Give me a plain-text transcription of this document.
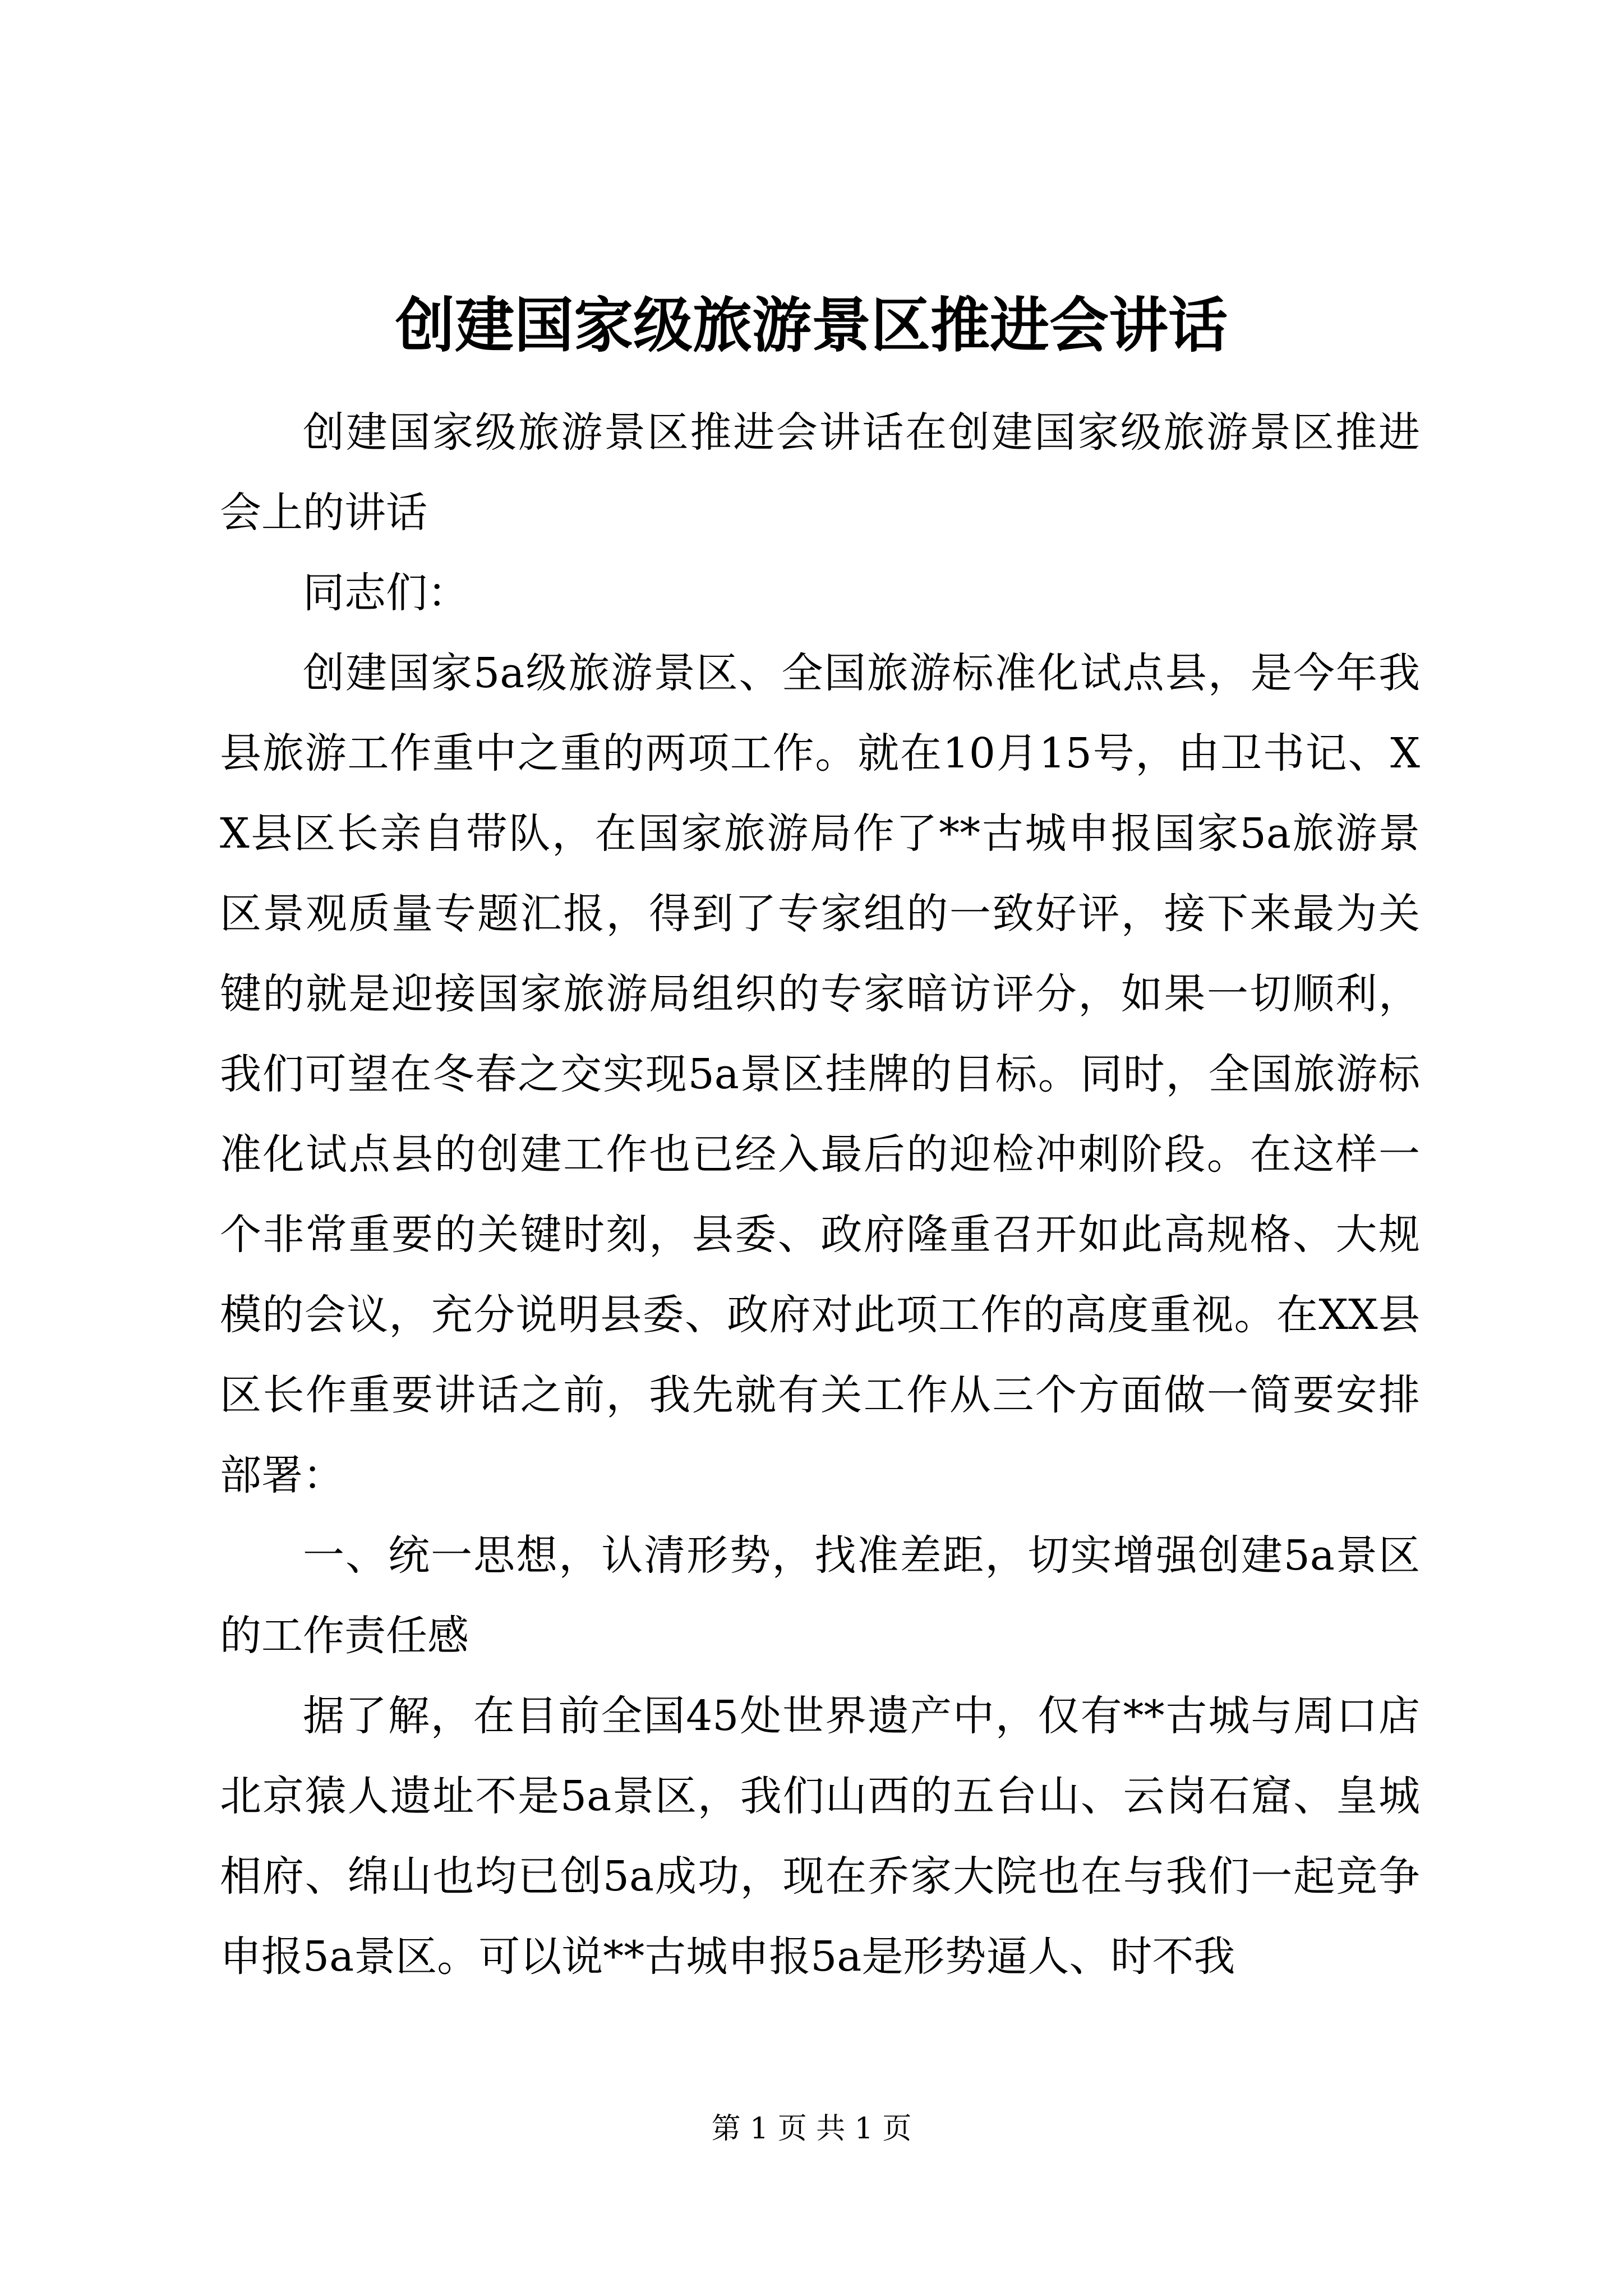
创建国家级旅游景区推进会讲话

创建国家级旅游景区推进会讲话在创建国家级旅游景区推进会上的讲话

同志们：

创建国家5a级旅游景区、全国旅游标准化试点县，是今年我县旅游工作重中之重的两项工作。就在10月15号，由卫书记、XX县区长亲自带队，在国家旅游局作了**古城申报国家5a旅游景区景观质量专题汇报，得到了专家组的一致好评，接下来最为关键的就是迎接国家旅游局组织的专家暗访评分，如果一切顺利，我们可望在冬春之交实现5a景区挂牌的目标。同时，全国旅游标准化试点县的创建工作也已经入最后的迎检冲刺阶段。在这样一个非常重要的关键时刻，县委、政府隆重召开如此高规格、大规模的会议，充分说明县委、政府对此项工作的高度重视。在XX县区长作重要讲话之前，我先就有关工作从三个方面做一简要安排部署：

一、统一思想，认清形势，找准差距，切实增强创建5a景区的工作责任感

据了解，在目前全国45处世界遗产中，仅有**古城与周口店北京猿人遗址不是5a景区，我们山西的五台山、云岗石窟、皇城相府、绵山也均已创5a成功，现在乔家大院也在与我们一起竞争申报5a景区。可以说**古城申报5a是形势逼人、时不我

第 1 页 共 1 页
